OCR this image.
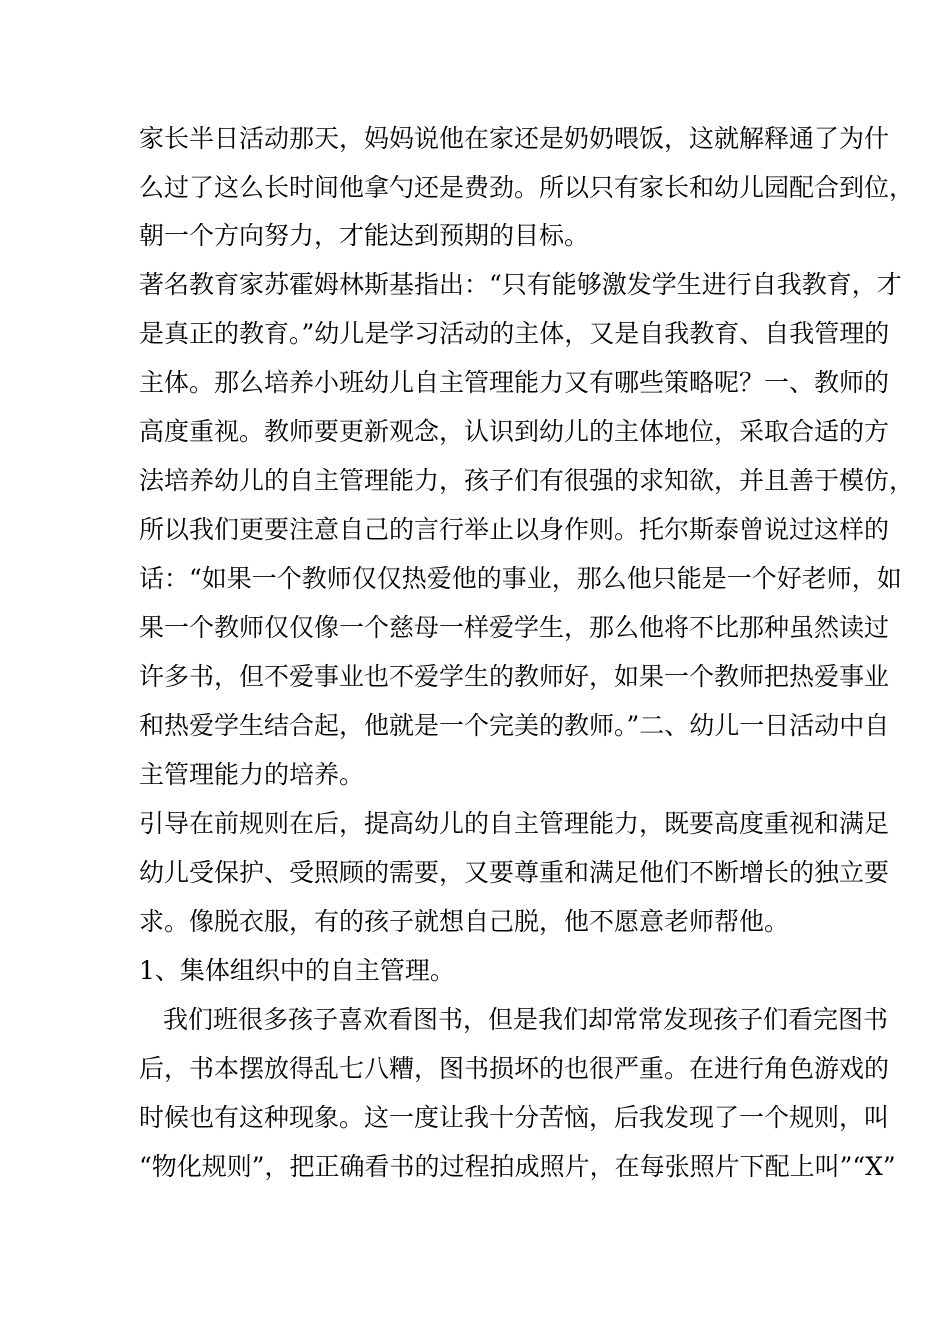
家长半日活动那天，妈妈说他在家还是奶奶喂饭，这就解释通了为什
么过了这么长时间他拿勺还是费劲。所以只有家长和幼儿园配合到位，
朝一个方向努力，才能达到预期的目标。
著名教育家苏霍姆林斯基指出：“只有能够激发学生进行自我教育，才
是真正的教育。”幼儿是学习活动的主体，又是自我教育、自我管理的
主体。那么培养小班幼儿自主管理能力又有哪些策略呢？一、教师的
高度重视。教师要更新观念，认识到幼儿的主体地位，采取合适的方
法培养幼儿的自主管理能力，孩子们有很强的求知欲，并且善于模仿，
所以我们更要注意自己的言行举止以身作则。托尔斯泰曾说过这样的
话：“如果一个教师仅仅热爱他的事业，那么他只能是一个好老师，如
果一个教师仅仅像一个慈母一样爱学生，那么他将不比那种虽然读过
许多书，但不爱事业也不爱学生的教师好，如果一个教师把热爱事业
和热爱学生结合起，他就是一个完美的教师。”二、幼儿一日活动中自
主管理能力的培养。
引导在前规则在后，提高幼儿的自主管理能力，既要高度重视和满足
幼儿受保护、受照顾的需要，又要尊重和满足他们不断增长的独立要
求。像脱衣服，有的孩子就想自己脱，他不愿意老师帮他。
1、集体组织中的自主管理。
我们班很多孩子喜欢看图书，但是我们却常常发现孩子们看完图书
后，书本摆放得乱七八糟，图书损坏的也很严重。在进行角色游戏的
时候也有这种现象。这一度让我十分苦恼，后我发现了一个规则，叫
“物化规则”，把正确看书的过程拍成照片，在每张照片下配上叫”“X”
